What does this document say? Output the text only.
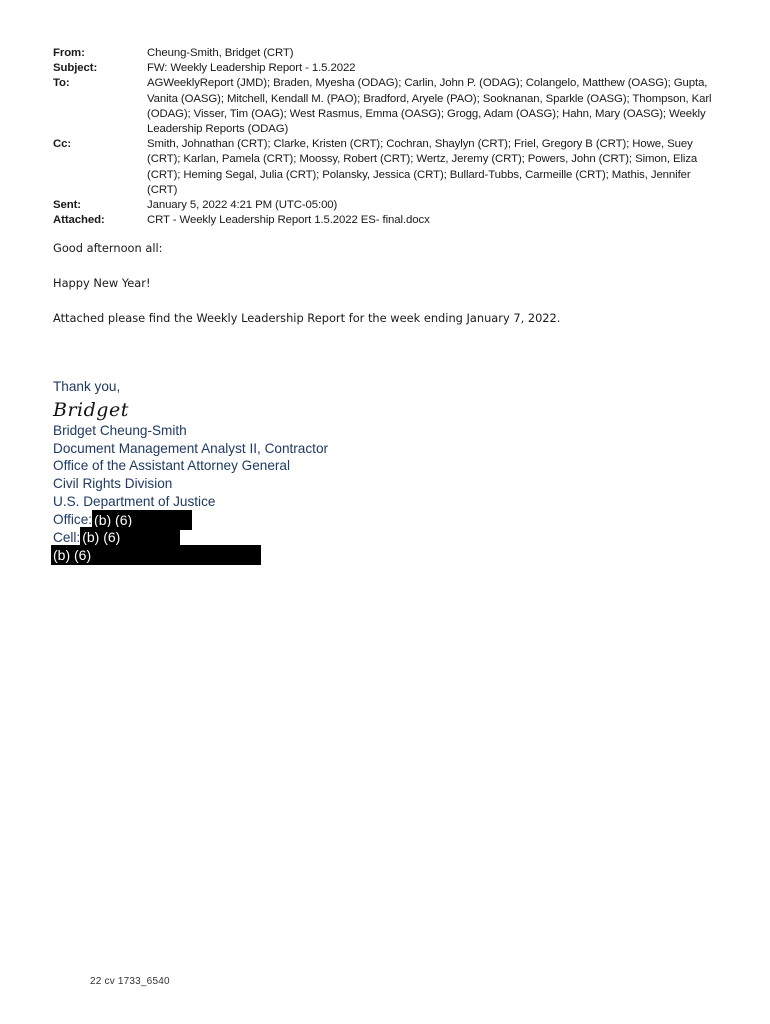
From:	Cheung-Smith, Bridget (CRT)
Subject:	FW: Weekly Leadership Report - 1.5.2022
To:	AGWeeklyReport (JMD); Braden, Myesha (ODAG); Carlin, John P. (ODAG); Colangelo, Matthew (OASG); Gupta, Vanita (OASG); Mitchell, Kendall M. (PAO); Bradford, Aryele (PAO); Sooknanan, Sparkle (OASG); Thompson, Karl (ODAG); Visser, Tim (OAG); West Rasmus, Emma (OASG); Grogg, Adam (OASG); Hahn, Mary (OASG); Weekly Leadership Reports (ODAG)
Cc:	Smith, Johnathan (CRT); Clarke, Kristen (CRT); Cochran, Shaylyn (CRT); Friel, Gregory B (CRT); Howe, Suey (CRT); Karlan, Pamela (CRT); Moossy, Robert (CRT); Wertz, Jeremy (CRT); Powers, John (CRT); Simon, Eliza (CRT); Heming Segal, Julia (CRT); Polansky, Jessica (CRT); Bullard-Tubbs, Carmeille (CRT); Mathis, Jennifer (CRT)
Sent:	January 5, 2022 4:21 PM (UTC-05:00)
Attached:	CRT - Weekly Leadership Report 1.5.2022 ES- final.docx

Good afternoon all:

Happy New Year!

Attached please find the Weekly Leadership Report for the week ending January 7, 2022.

Thank you,
Bridget
Bridget Cheung-Smith
Document Management Analyst II, Contractor
Office of the Assistant Attorney General
Civil Rights Division
U.S. Department of Justice
Office: (b) (6)
Cell: (b) (6)
(b) (6)
22 cv 1733_6540
